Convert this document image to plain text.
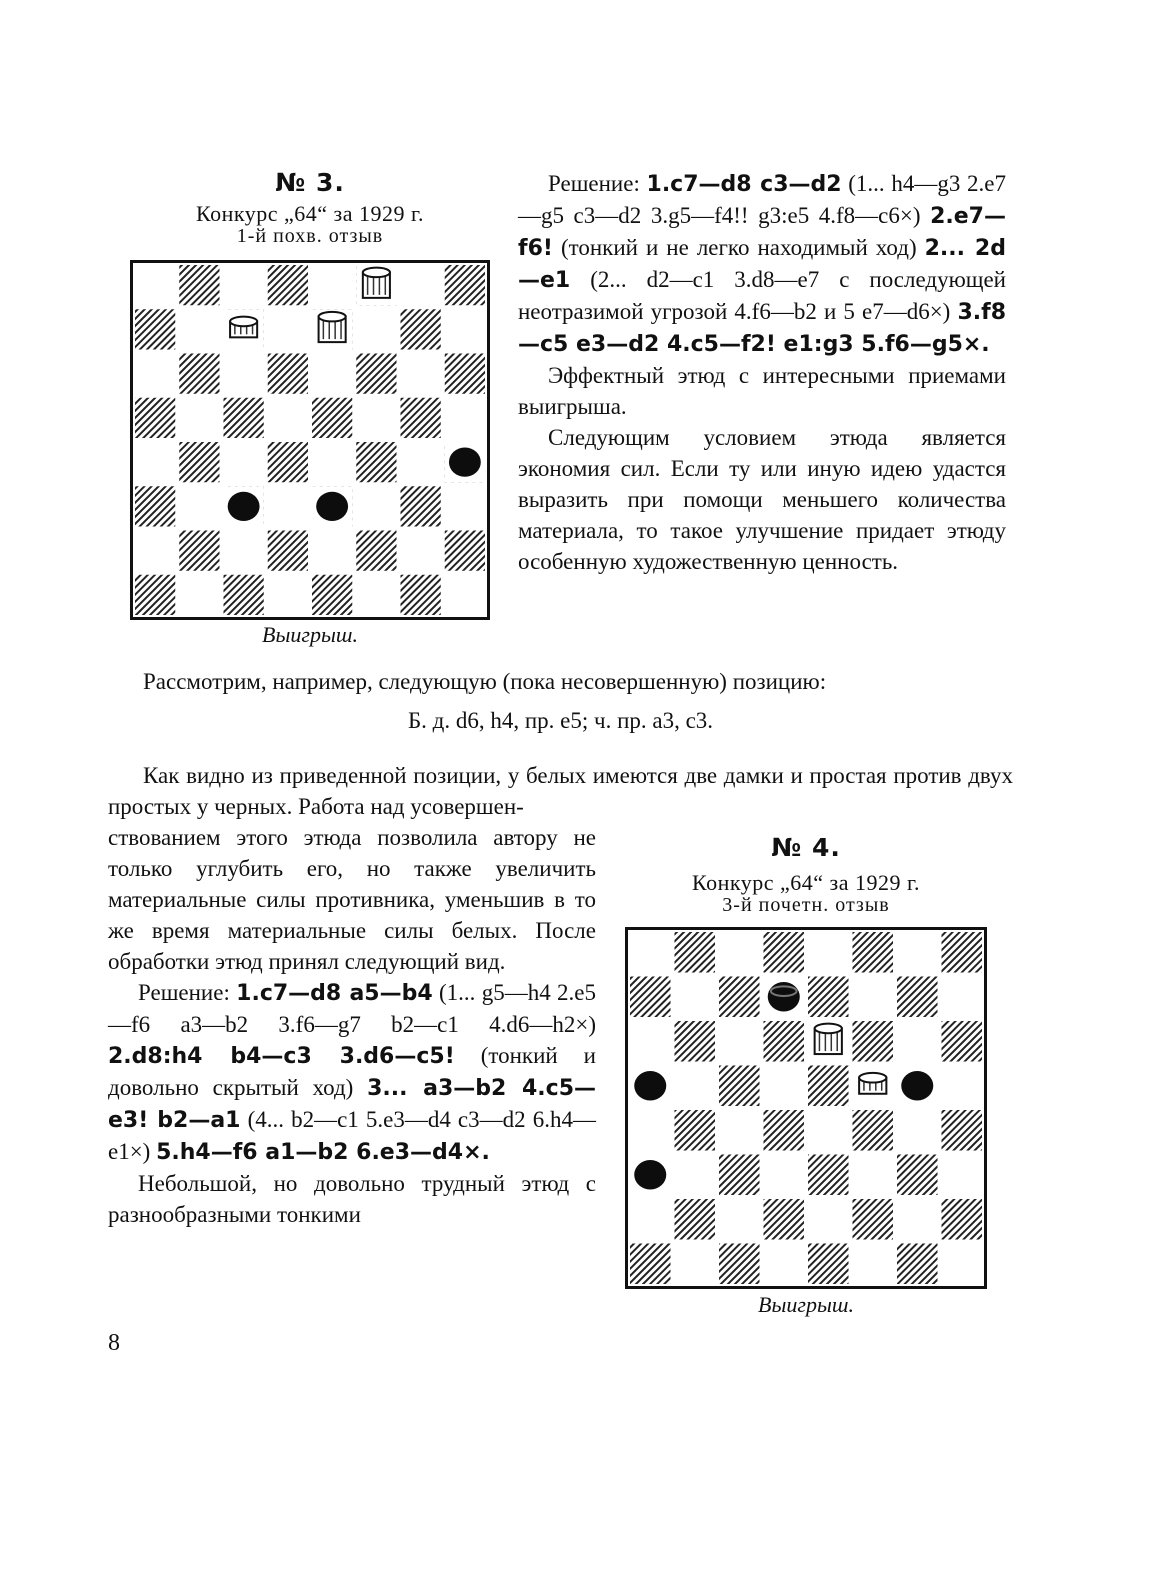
№ 3.
Конкурс „64“ за 1929 г.
1-й похв. отзыв
Выигрыш.

Решение: 1.c7—d8 c3—d2 (1... h4—g3 2.e7—g5 c3—d2 3.g5—f4!! g3:e5 4.f8—c6×) 2.e7—f6! (тонкий и не легко находимый ход) 2... 2d—e1 (2... d2—c1 3.d8—e7 с последующей неотразимой угрозой 4.f6—b2 и 5 e7—d6×) 3.f8—c5 e3—d2 4.c5—f2! e1:g3 5.f6—g5×.

Эффектный этюд с интересными приемами выигрыша.

Следующим условием этюда является экономия сил. Если ту или иную идею удастся выразить при помощи меньшего количества материала, то такое улучшение придает этюду особенную художественную ценность.

Рассмотрим, например, следующую (пока несовершенную) позицию:

Б. д. d6, h4, пр. e5; ч. пр. a3, c3.

Как видно из приведенной позиции, у белых имеются две дамки и простая против двух простых у черных. Работа над усовершен-

ствованием этого этюда позволила автору не только углубить его, но также увеличить материальные силы противника, уменьшив в то же время материальные силы белых. После обработки этюд принял следующий вид.

Решение: 1.c7—d8 a5—b4 (1... g5—h4 2.e5—f6 a3—b2 3.f6—g7 b2—c1 4.d6—h2×) 2.d8:h4 b4—c3 3.d6—c5! (тонкий и довольно скрытый ход) 3... a3—b2 4.c5—e3! b2—a1 (4... b2—c1 5.e3—d4 c3—d2 6.h4—e1×) 5.h4—f6 a1—b2 6.e3—d4×.

Небольшой, но довольно трудный этюд с разнообразными тонкими

№ 4.
Конкурс „64“ за 1929 г.
3-й почетн. отзыв
Выигрыш.
8
